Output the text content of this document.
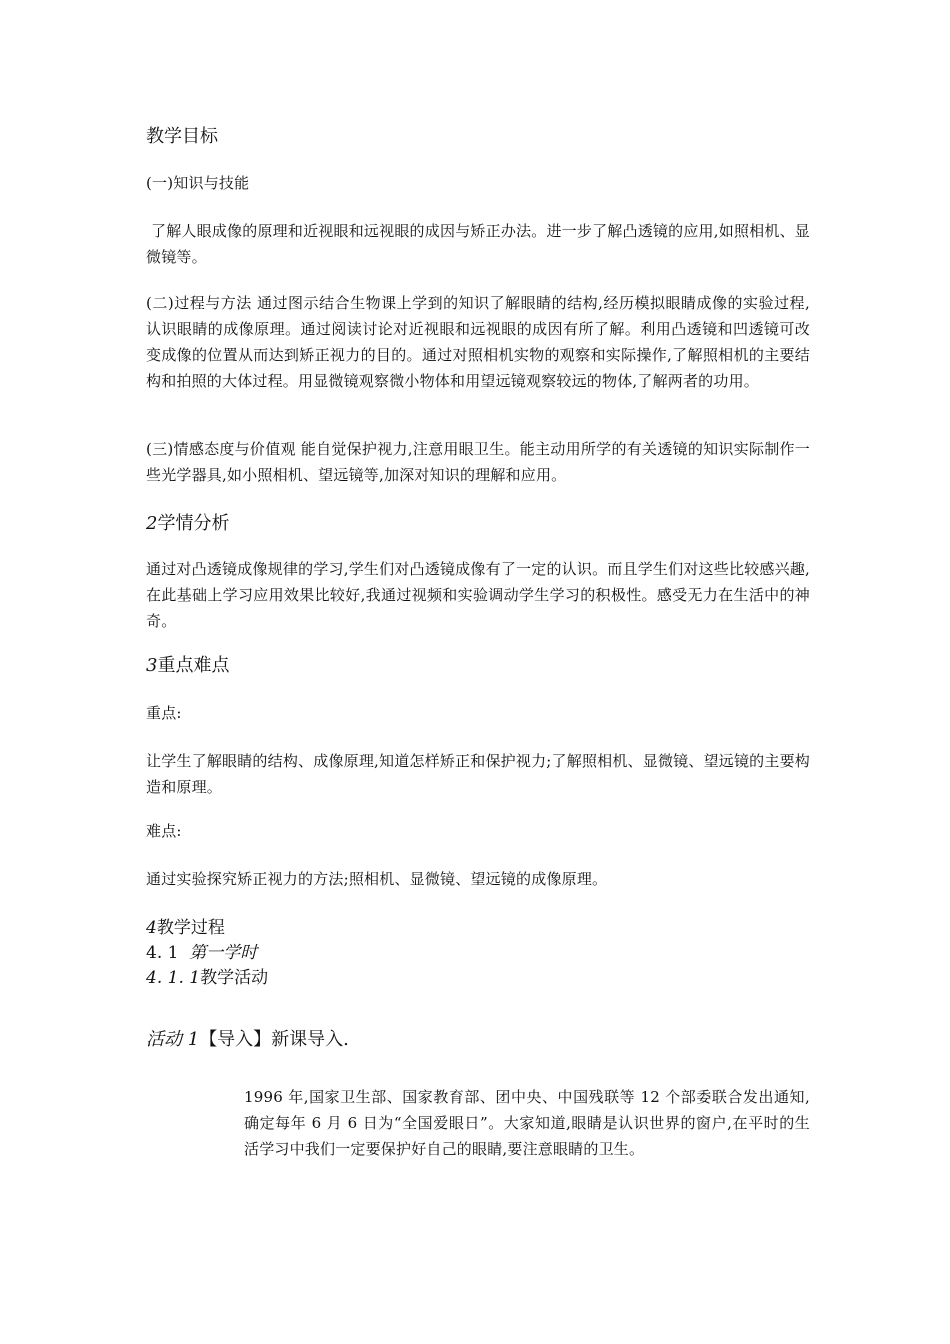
教学目标
(一)知识与技能
了解人眼成像的原理和近视眼和远视眼的成因与矫正办法。进一步了解凸透镜的应用,如照相机、显微镜等。
(二)过程与方法 通过图示结合生物课上学到的知识了解眼睛的结构,经历模拟眼睛成像的实验过程,认识眼睛的成像原理。通过阅读讨论对近视眼和远视眼的成因有所了解。利用凸透镜和凹透镜可改变成像的位置从而达到矫正视力的目的。通过对照相机实物的观察和实际操作,了解照相机的主要结构和拍照的大体过程。用显微镜观察微小物体和用望远镜观察较远的物体,了解两者的功用。
(三)情感态度与价值观 能自觉保护视力,注意用眼卫生。能主动用所学的有关透镜的知识实际制作一些光学器具,如小照相机、望远镜等,加深对知识的理解和应用。
2学情分析
通过对凸透镜成像规律的学习,学生们对凸透镜成像有了一定的认识。而且学生们对这些比较感兴趣,在此基础上学习应用效果比较好,我通过视频和实验调动学生学习的积极性。感受无力在生活中的神奇。
3重点难点
重点:
让学生了解眼睛的结构、成像原理,知道怎样矫正和保护视力;了解照相机、显微镜、望远镜的主要构造和原理。
难点:
通过实验探究矫正视力的方法;照相机、显微镜、望远镜的成像原理。
4教学过程
4. 1 第一学时
4. 1. 1教学活动
活动 1【导入】新课导入.
1996 年,国家卫生部、国家教育部、团中央、中国残联等 12 个部委联合发出通知,确定每年 6 月 6 日为“全国爱眼日”。大家知道,眼睛是认识世界的窗户,在平时的生活学习中我们一定要保护好自己的眼睛,要注意眼睛的卫生。
